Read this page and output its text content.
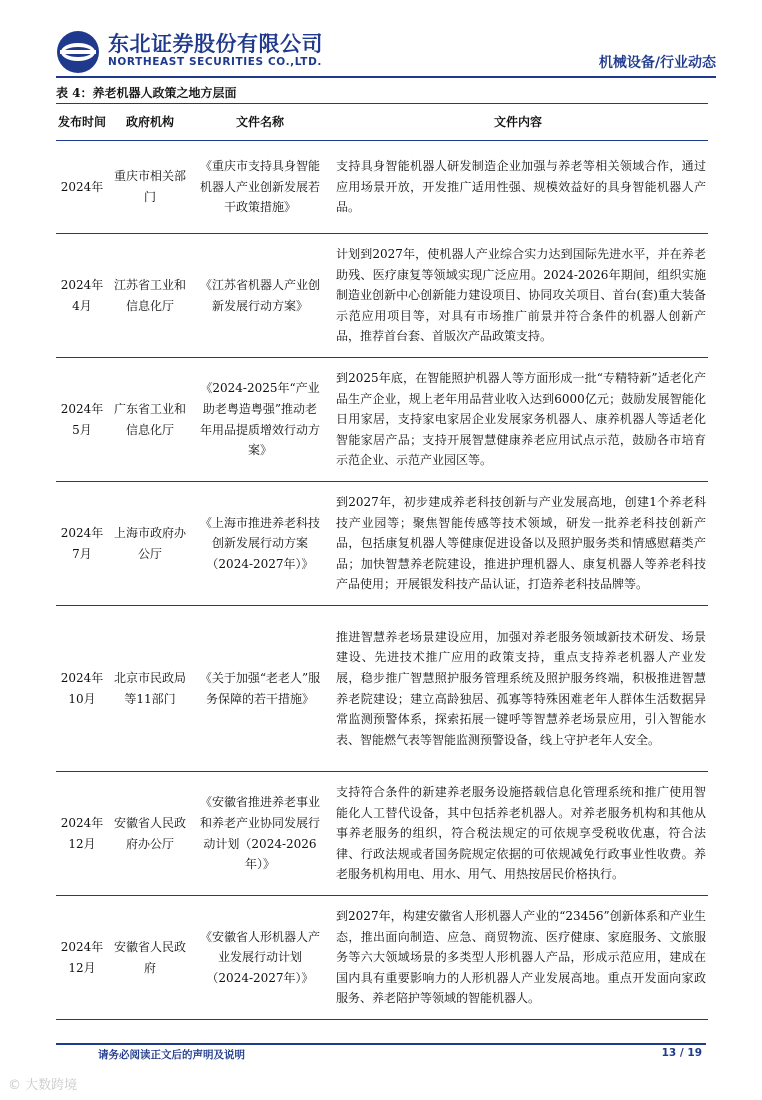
东北证券股份有限公司
NORTHEAST SECURITIES CO.,LTD.	机械设备/行业动态
表 4：养老机器人政策之地方层面
发布时间	政府机构	文件名称	文件内容
2024年	重庆市相关部门	《重庆市支持具身智能机器人产业创新发展若干政策措施》	支持具身智能机器人研发制造企业加强与养老等相关领域合作，通过应用场景开放，开发推广适用性强、规模效益好的具身智能机器人产品。
2024年4月	江苏省工业和信息化厅	《江苏省机器人产业创新发展行动方案》	计划到2027年，使机器人产业综合实力达到国际先进水平，并在养老助残、医疗康复等领域实现广泛应用。2024-2026年期间，组织实施制造业创新中心创新能力建设项目、协同攻关项目、首台(套)重大装备示范应用项目等，对具有市场推广前景并符合条件的机器人创新产品，推荐首台套、首版次产品政策支持。
2024年5月	广东省工业和信息化厅	《2024-2025年“产业助老粤造粤强”推动老年用品提质增效行动方案》	到2025年底，在智能照护机器人等方面形成一批“专精特新”适老化产品生产企业，规上老年用品营业收入达到6000亿元；鼓励发展智能化日用家居，支持家电家居企业发展家务机器人、康养机器人等适老化智能家居产品；支持开展智慧健康养老应用试点示范，鼓励各市培育示范企业、示范产业园区等。
2024年7月	上海市政府办公厅	《上海市推进养老科技创新发展行动方案（2024-2027年）》	到2027年，初步建成养老科技创新与产业发展高地，创建1个养老科技产业园等；聚焦智能传感等技术领域，研发一批养老科技创新产品，包括康复机器人等健康促进设备以及照护服务类和情感慰藉类产品；加快智慧养老院建设，推进护理机器人、康复机器人等养老科技产品使用；开展银发科技产品认证，打造养老科技品牌等。
2024年10月	北京市民政局等11部门	《关于加强“老老人”服务保障的若干措施》	推进智慧养老场景建设应用，加强对养老服务领域新技术研发、场景建设、先进技术推广应用的政策支持，重点支持养老机器人产业发展，稳步推广智慧照护服务管理系统及照护服务终端，积极推进智慧养老院建设；建立高龄独居、孤寡等特殊困难老年人群体生活数据异常监测预警体系，探索拓展一键呼等智慧养老场景应用，引入智能水表、智能燃气表等智能监测预警设备，线上守护老年人安全。
2024年12月	安徽省人民政府办公厅	《安徽省推进养老事业和养老产业协同发展行动计划（2024-2026年）》	支持符合条件的新建养老服务设施搭载信息化管理系统和推广使用智能化人工替代设备，其中包括养老机器人。对养老服务机构和其他从事养老服务的组织，符合税法规定的可依规享受税收优惠，符合法律、行政法规或者国务院规定依据的可依规减免行政事业性收费。养老服务机构用电、用水、用气、用热按居民价格执行。
2024年12月	安徽省人民政府	《安徽省人形机器人产业发展行动计划（2024-2027年）》	到2027年，构建安徽省人形机器人产业的“23456”创新体系和产业生态，推出面向制造、应急、商贸物流、医疗健康、家庭服务、文旅服务等六大领域场景的多类型人形机器人产品，形成示范应用，建成在国内具有重要影响力的人形机器人产业发展高地。重点开发面向家政服务、养老陪护等领域的智能机器人。
请务必阅读正文后的声明及说明	13 / 19
© 大数跨境
